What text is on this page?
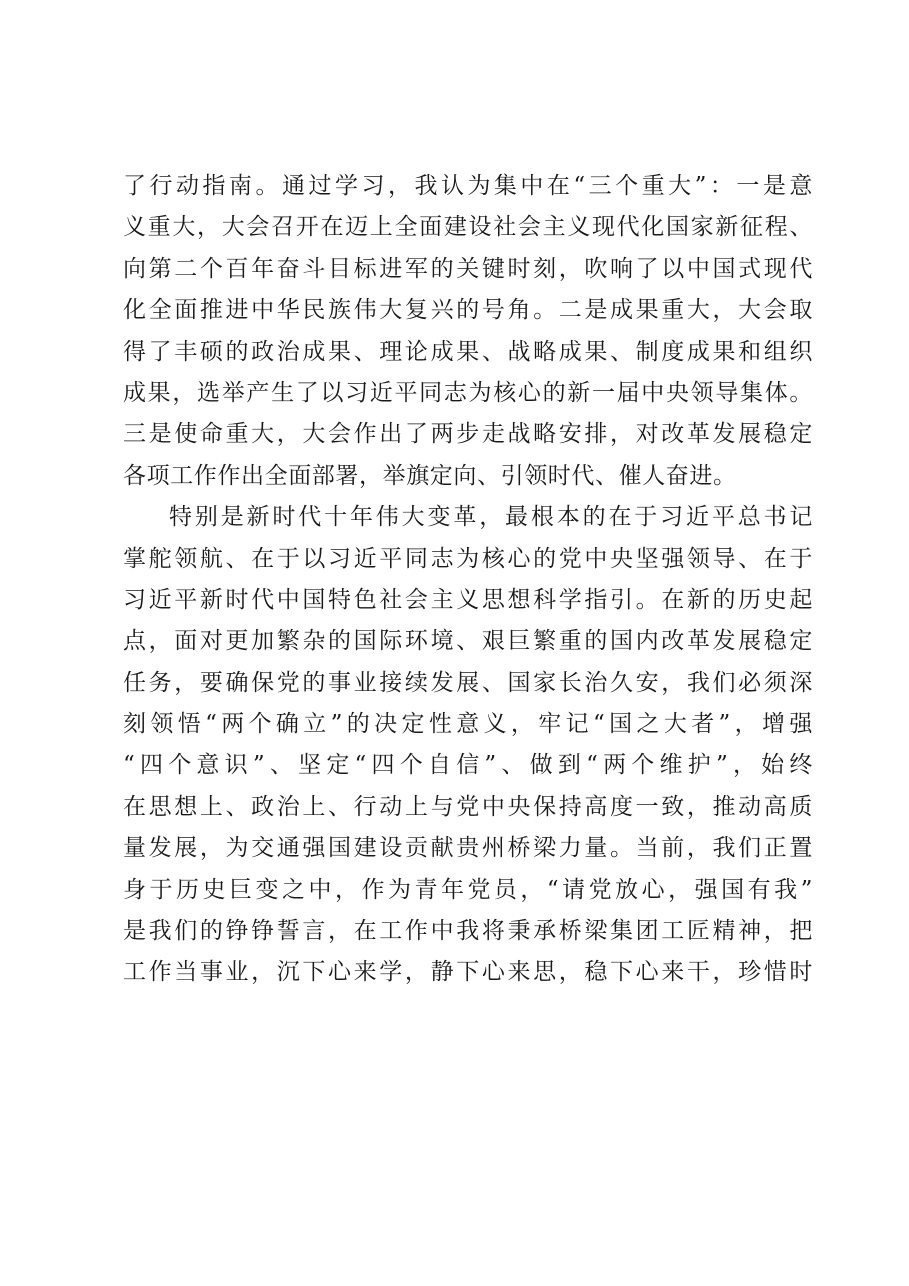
了行动指南。通过学习，我认为集中在“三个重大”：一是意
义重大，大会召开在迈上全面建设社会主义现代化国家新征程、
向第二个百年奋斗目标进军的关键时刻，吹响了以中国式现代
化全面推进中华民族伟大复兴的号角。二是成果重大，大会取
得了丰硕的政治成果、理论成果、战略成果、制度成果和组织
成果，选举产生了以习近平同志为核心的新一届中央领导集体。
三是使命重大，大会作出了两步走战略安排，对改革发展稳定
各项工作作出全面部署，举旗定向、引领时代、催人奋进。
特别是新时代十年伟大变革，最根本的在于习近平总书记
掌舵领航、在于以习近平同志为核心的党中央坚强领导、在于
习近平新时代中国特色社会主义思想科学指引。在新的历史起
点，面对更加繁杂的国际环境、艰巨繁重的国内改革发展稳定
任务，要确保党的事业接续发展、国家长治久安，我们必须深
刻领悟“两个确立”的决定性意义，牢记“国之大者”，增强
“四个意识”、坚定“四个自信”、做到“两个维护”，始终
在思想上、政治上、行动上与党中央保持高度一致，推动高质
量发展，为交通强国建设贡献贵州桥梁力量。当前，我们正置
身于历史巨变之中，作为青年党员，“请党放心，强国有我”
是我们的铮铮誓言，在工作中我将秉承桥梁集团工匠精神，把
工作当事业，沉下心来学，静下心来思，稳下心来干，珍惜时
